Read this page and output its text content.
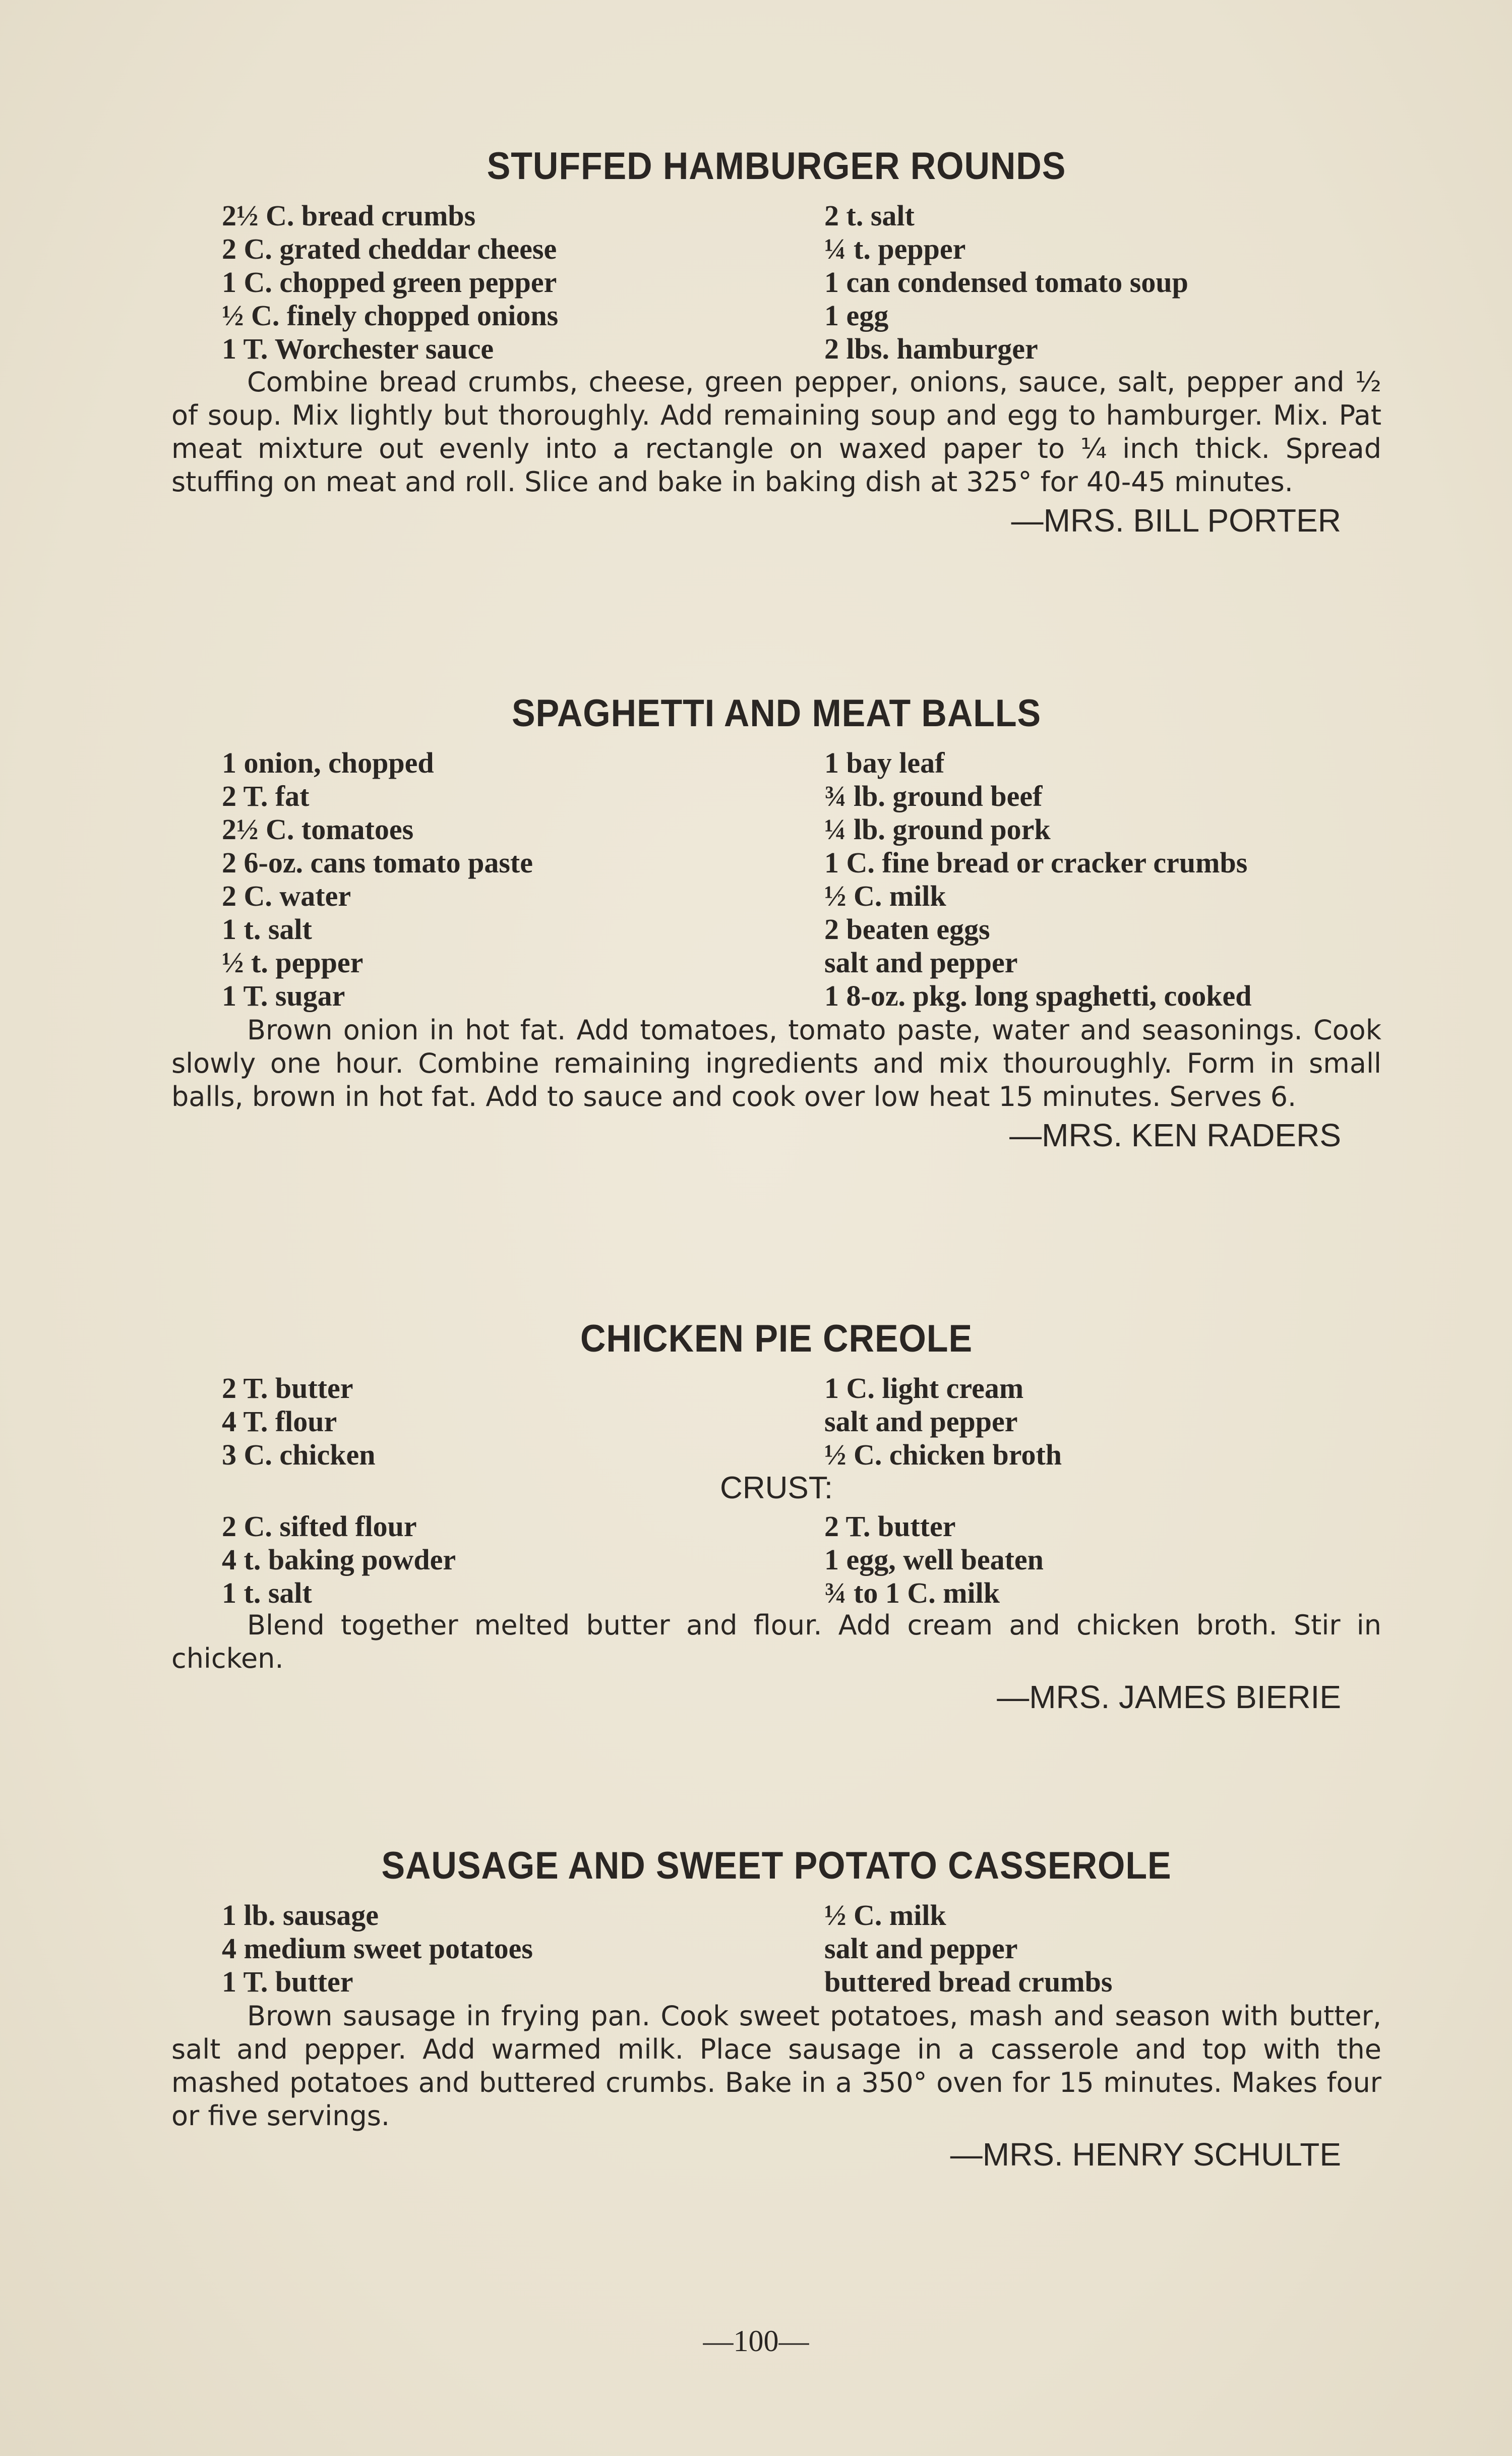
STUFFED HAMBURGER ROUNDS
2½ C. bread crumbs
2 C. grated cheddar cheese
1 C. chopped green pepper
½ C. finely chopped onions
1 T. Worchester sauce
2 t. salt
¼ t. pepper
1 can condensed tomato soup
1 egg
2 lbs. hamburger

Combine bread crumbs, cheese, green pepper, onions, sauce, salt, pepper and ½ of soup. Mix lightly but thoroughly. Add remaining soup and egg to hamburger. Mix. Pat meat mixture out evenly into a rectangle on waxed paper to ¼ inch thick. Spread stuffing on meat and roll. Slice and bake in baking dish at 325° for 40-45 minutes.

—MRS. BILL PORTER
SPAGHETTI AND MEAT BALLS
1 onion, chopped
2 T. fat
2½ C. tomatoes
2 6-oz. cans tomato paste
2 C. water
1 t. salt
½ t. pepper
1 T. sugar
1 bay leaf
¾ lb. ground beef
¼ lb. ground pork
1 C. fine bread or cracker crumbs
½ C. milk
2 beaten eggs
salt and pepper
1 8-oz. pkg. long spaghetti, cooked

Brown onion in hot fat. Add tomatoes, tomato paste, water and seasonings. Cook slowly one hour. Combine remaining ingredients and mix thouroughly. Form in small balls, brown in hot fat. Add to sauce and cook over low heat 15 minutes. Serves 6.

—MRS. KEN RADERS
CHICKEN PIE CREOLE
2 T. butter
4 T. flour
3 C. chicken
1 C. light cream
salt and pepper
½ C. chicken broth
CRUST:
2 C. sifted flour
4 t. baking powder
1 t. salt
2 T. butter
1 egg, well beaten
¾ to 1 C. milk

Blend together melted butter and flour. Add cream and chicken broth. Stir in chicken.

—MRS. JAMES BIERIE
SAUSAGE AND SWEET POTATO CASSEROLE
1 lb. sausage
4 medium sweet potatoes
1 T. butter
½ C. milk
salt and pepper
buttered bread crumbs

Brown sausage in frying pan. Cook sweet potatoes, mash and season with butter, salt and pepper. Add warmed milk. Place sausage in a casserole and top with the mashed potatoes and buttered crumbs. Bake in a 350° oven for 15 minutes. Makes four or five servings.

—MRS. HENRY SCHULTE
—100—
